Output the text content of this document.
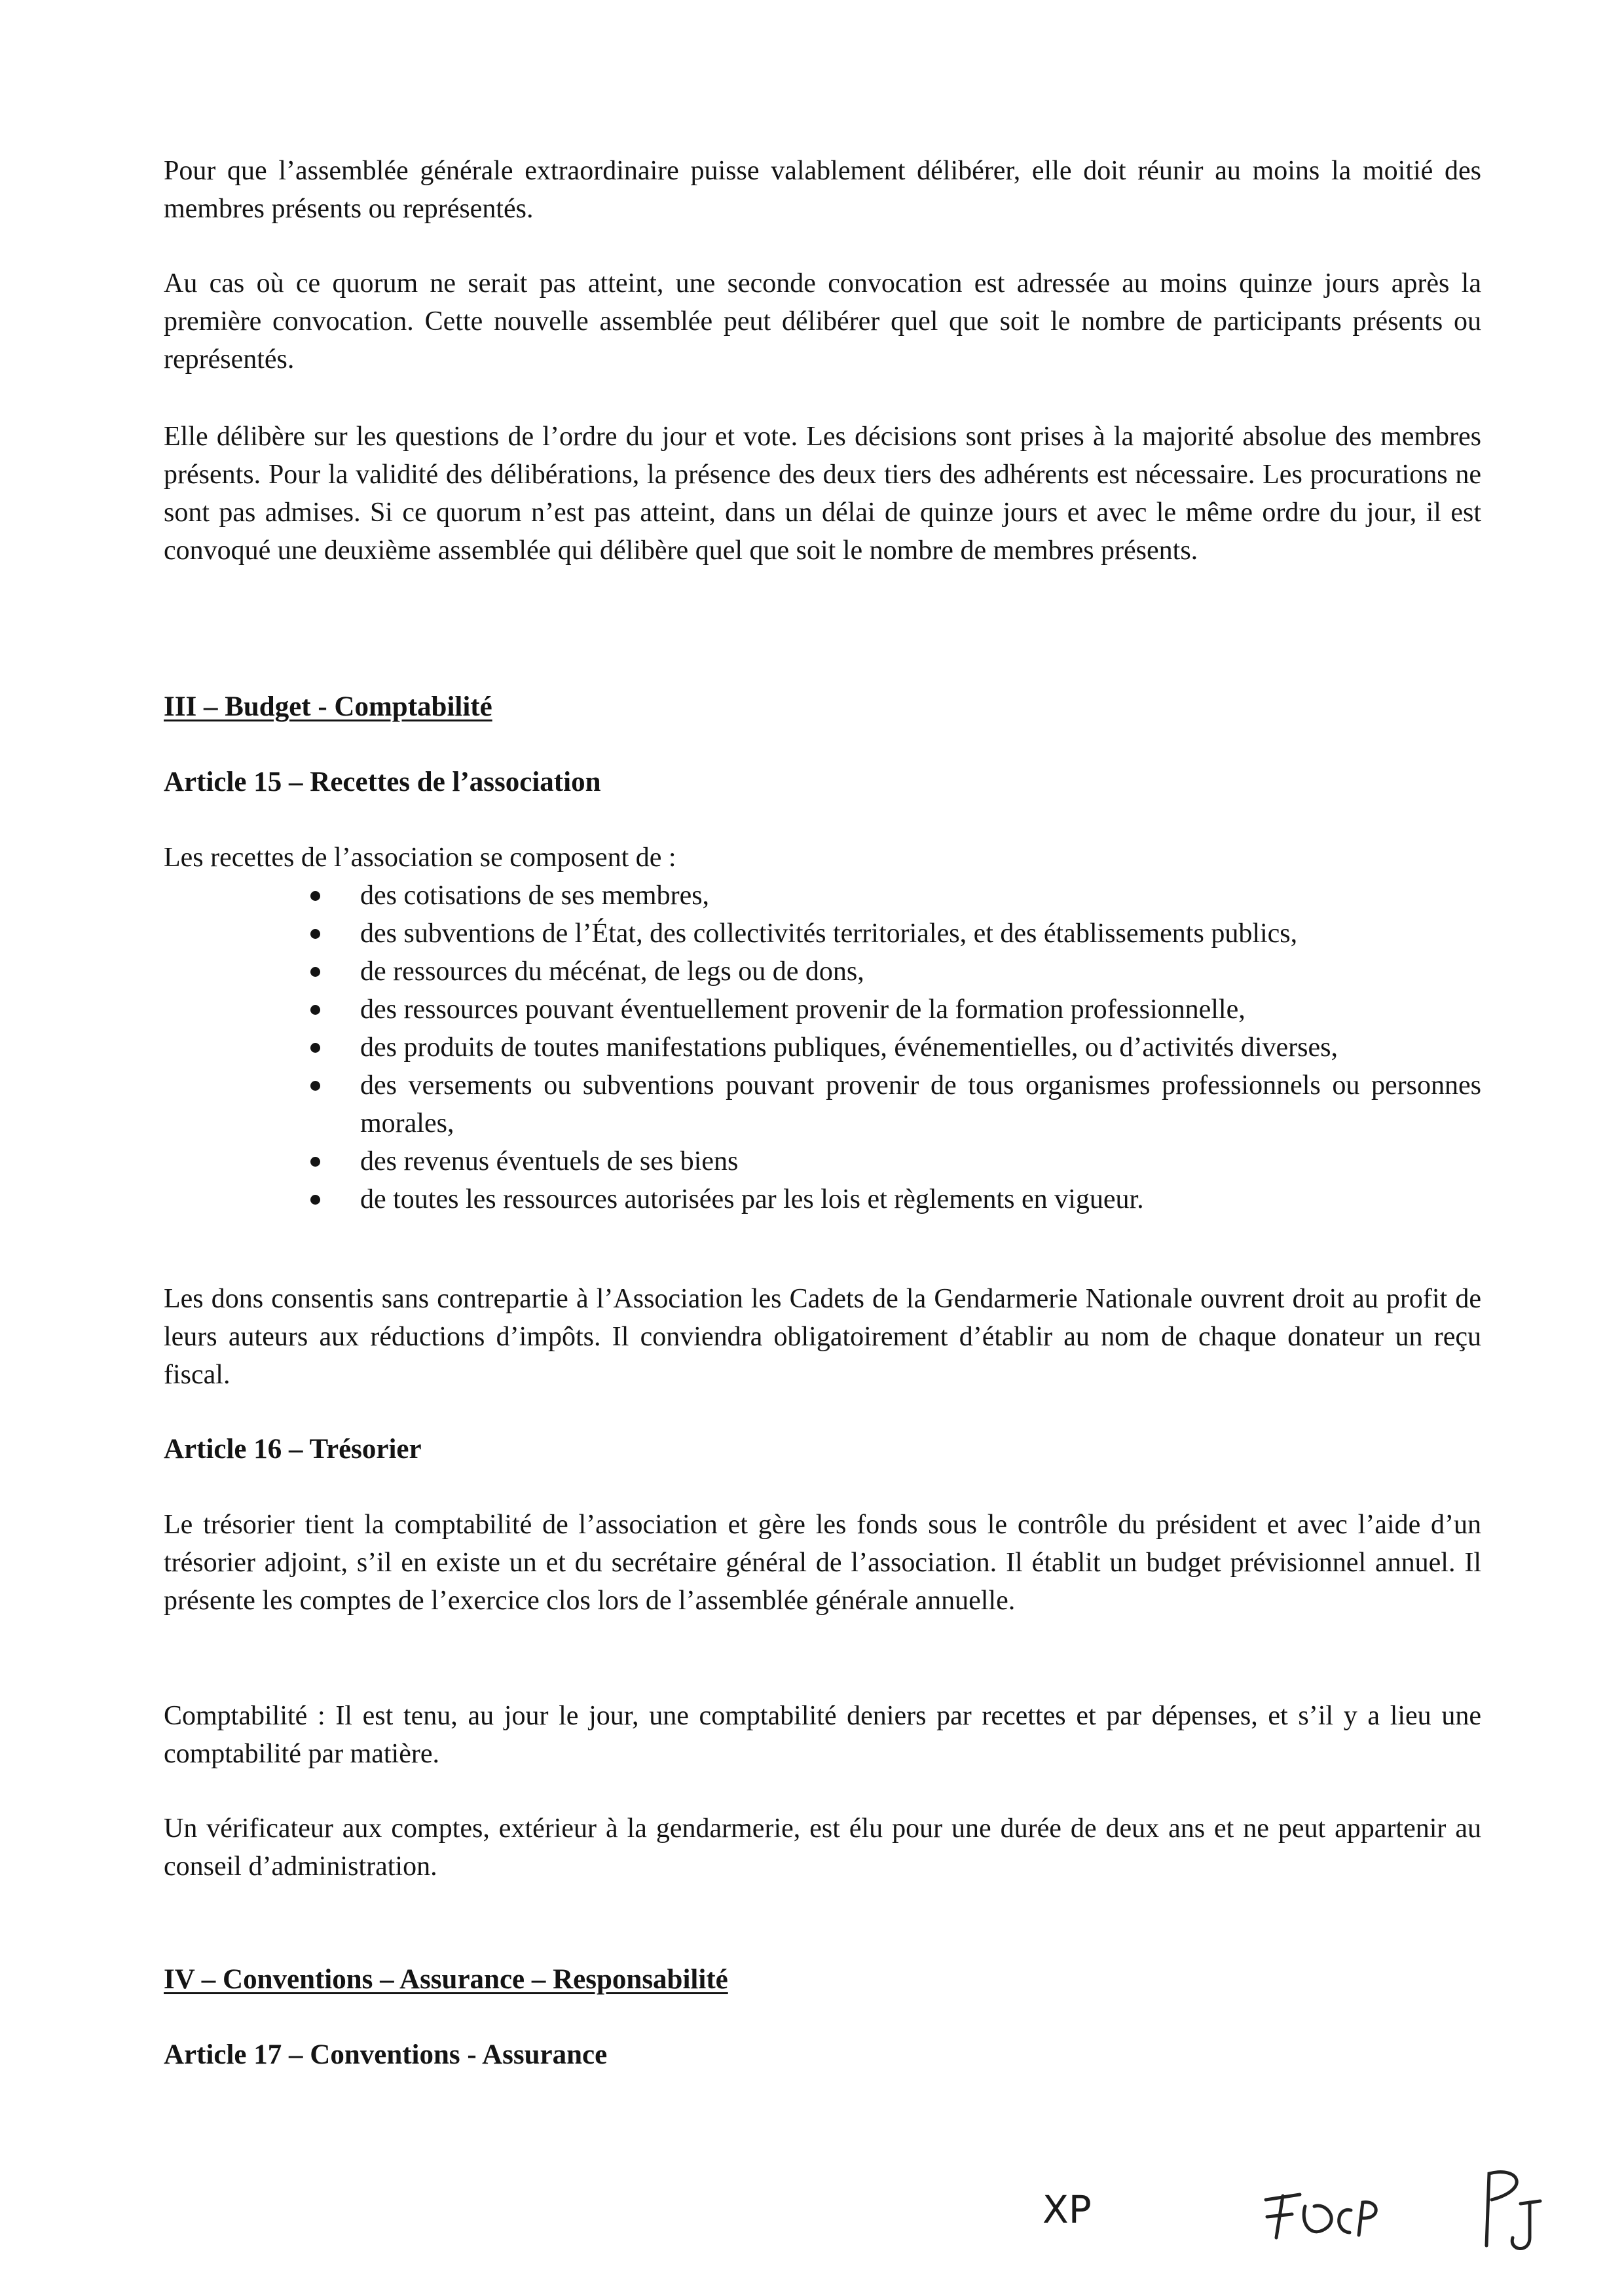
Pour que l’assemblée générale extraordinaire puisse valablement délibérer, elle doit réunir au moins la moitié des membres présents ou représentés.

Au cas où ce quorum ne serait pas atteint, une seconde convocation est adressée au moins quinze jours après la première convocation. Cette nouvelle assemblée peut délibérer quel que soit le nombre de participants présents ou représentés.

Elle délibère sur les questions de l’ordre du jour et vote. Les décisions sont prises à la majorité absolue des membres présents. Pour la validité des délibérations, la présence des deux tiers des adhérents est nécessaire. Les procurations ne sont pas admises. Si ce quorum n’est pas atteint, dans un délai de quinze jours et avec le même ordre du jour, il est convoqué une deuxième assemblée qui délibère quel que soit le nombre de membres présents.

III – Budget - Comptabilité
Article 15 – Recettes de l’association

Les recettes de l’association se composent de :

des cotisations de ses membres,
des subventions de l’État, des collectivités territoriales, et des établissements publics,
de ressources du mécénat, de legs ou de dons,
des ressources pouvant éventuellement provenir de la formation professionnelle,
des produits de toutes manifestations publiques, événementielles, ou d’activités diverses,
des versements ou subventions pouvant provenir de tous organismes professionnels ou personnes morales,
des revenus éventuels de ses biens
de toutes les ressources autorisées par les lois et règlements en vigueur.

Les dons consentis sans contrepartie à l’Association les Cadets de la Gendarmerie Nationale ouvrent droit au profit de leurs auteurs aux réductions d’impôts. Il conviendra obligatoirement d’établir au nom de chaque donateur un reçu fiscal.

Article 16 – Trésorier

Le trésorier tient la comptabilité de l’association et gère les fonds sous le contrôle du président et avec l’aide d’un trésorier adjoint, s’il en existe un et du secrétaire général de l’association. Il établit un budget prévisionnel annuel. Il présente les comptes de l’exercice clos lors de l’assemblée générale annuelle.

Comptabilité : Il est tenu, au jour le jour, une comptabilité deniers par recettes et par dépenses, et s’il y a lieu une comptabilité par matière.

Un vérificateur aux comptes, extérieur à la gendarmerie, est élu pour une durée de deux ans et ne peut appartenir au conseil d’administration.

IV – Conventions – Assurance – Responsabilité
Article 17 – Conventions - Assurance
XP
